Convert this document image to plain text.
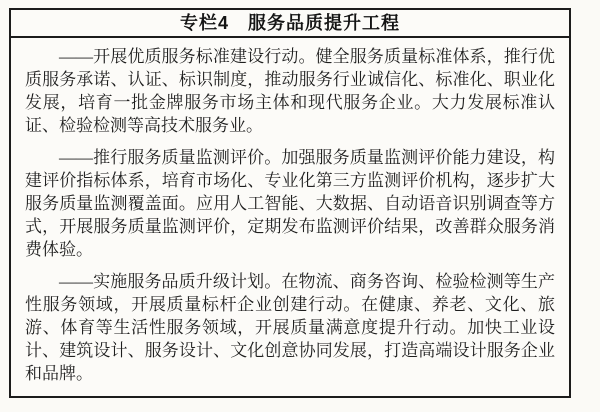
专栏4　服务品质提升工程

——开展优质服务标准建设行动。健全服务质量标准体系，推行优质服务承诺、认证、标识制度，推动服务行业诚信化、标准化、职业化发展，培育一批金牌服务市场主体和现代服务企业。大力发展标准认证、检验检测等高技术服务业。

——推行服务质量监测评价。加强服务质量监测评价能力建设，构建评价指标体系，培育市场化、专业化第三方监测评价机构，逐步扩大服务质量监测覆盖面。应用人工智能、大数据、自动语音识别调查等方式，开展服务质量监测评价，定期发布监测评价结果，改善群众服务消费体验。

——实施服务品质升级计划。在物流、商务咨询、检验检测等生产性服务领域，开展质量标杆企业创建行动。在健康、养老、文化、旅游、体育等生活性服务领域，开展质量满意度提升行动。加快工业设计、建筑设计、服务设计、文化创意协同发展，打造高端设计服务企业和品牌。
